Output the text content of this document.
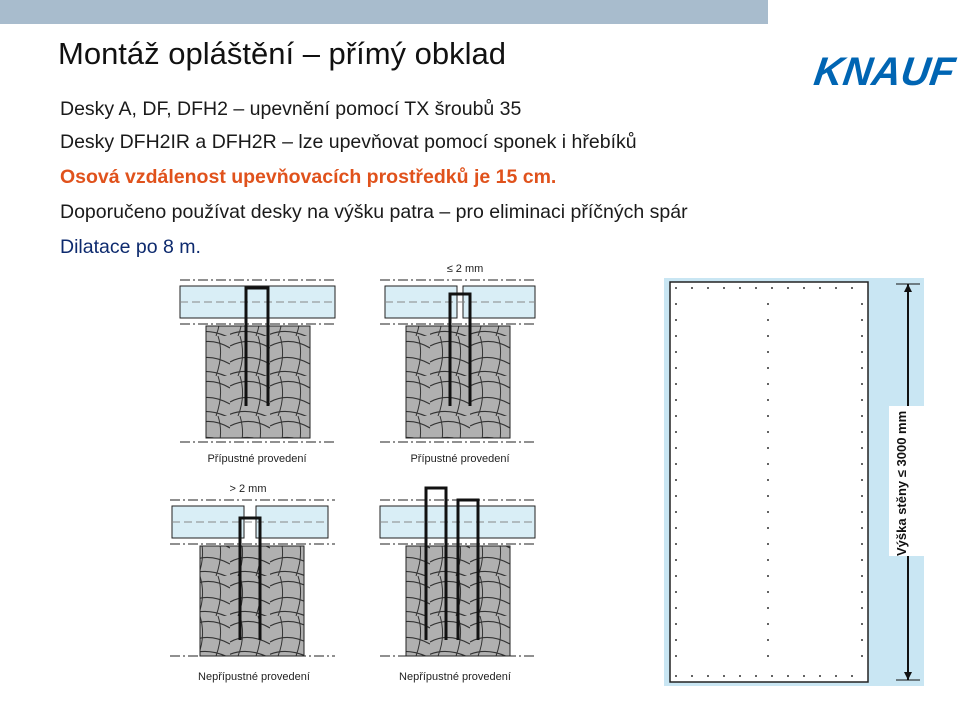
Montáž opláštění – přímý obklad	KNAUF
Desky A, DF, DFH2 – upevnění pomocí TX šroubů 35
Desky DFH2IR a DFH2R – lze upevňovat pomocí sponek i hřebíků
Osová vzdálenost upevňovacích prostředků je 15 cm.
Doporučeno používat desky na výšku patra – pro eliminaci příčných spár
Dilatace po 8 m.
Přípustné provedení
≤ 2 mm
Přípustné provedení
> 2 mm
Nepřípustné provedení	Nepřípustné provedení
Výška stěny ≤ 3000 mm
